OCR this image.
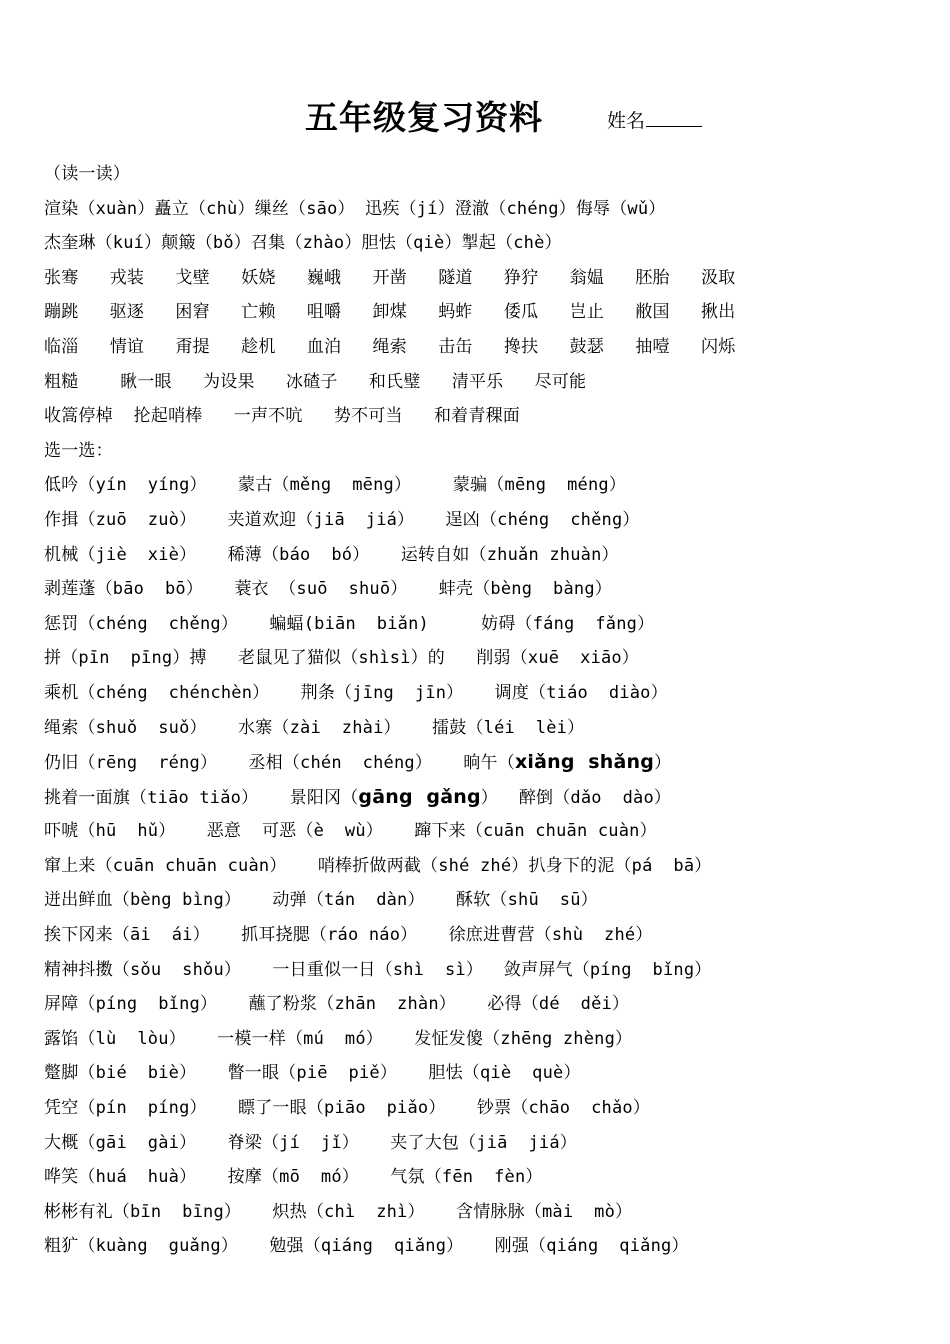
五年级复习资料	姓名
（读一读）
渲染（xuàn）矗立（chù）缫丝（sāo） 迅疾（jí）澄澈（chéng）侮辱（wǔ）
杰奎琳（kuí）颠簸（bǒ）召集（zhào）胆怯（qiè）掣起（chè）
张骞   戎装   戈壁   妖娆   巍峨   开凿   隧道   狰狞   翁媪   胚胎   汲取
蹦跳   驱逐   困窘   亡赖   咀嚼   卸煤   蚂蚱   倭瓜   岂止   敝国   揪出
临淄   情谊   甭提   趁机   血泊   绳索   击缶   搀扶   鼓瑟   抽噎   闪烁
粗糙    瞅一眼   为设果   冰碴子   和氏璧   清平乐   尽可能
收篙停棹  抡起哨棒   一声不吭   势不可当   和着青稞面
选一选：
低吟（yín  yíng）   蒙古（měng  mēng）    蒙骗（mēng  méng）
作揖（zuō  zuò）   夹道欢迎（jiā  jiá）   逞凶（chéng  chěng）
机械（jiè  xiè）   稀薄（báo  bó）   运转自如（zhuǎn zhuàn）
剥莲蓬（bāo  bō）   蓑衣 （suō  shuō）   蚌壳（bèng  bàng）
惩罚（chéng  chěng）   蝙蝠(biān  biǎn)     妨碍（fáng  fǎng）
拼（pīn  pīng）搏   老鼠见了猫似（shìsì）的   削弱（xuē  xiāo）
乘机（chéng  chénchèn）   荆条（jīng  jīn）   调度（tiáo  diào）
绳索（shuǒ  suǒ）   水寨（zài  zhài）   擂鼓（léi  lèi）
仍旧（rēng  réng）   丞相（chén  chéng）   晌午（xiǎng  shǎng）
挑着一面旗（tiāo tiǎo）   景阳冈（gāng  gǎng）  醉倒（dǎo  dào）
吓唬（hū  hǔ）   恶意  可恶（è  wù）   蹿下来（cuān chuān cuàn）
窜上来（cuān chuān cuàn）   哨棒折做两截（shé zhé）扒身下的泥（pá  bā）
迸出鲜血（bèng bìng）   动弹（tán  dàn）   酥软（shū  sū）
挨下冈来（āi  ái）   抓耳挠腮（ráo náo）   徐庶进曹营（shù  zhé）
精神抖擞（sǒu  shǒu）   一日重似一日（shì  sì）  敛声屏气（píng  bǐng）
屏障（píng  bǐng）   蘸了粉浆（zhān  zhàn）   必得（dé  děi）
露馅（lù  lòu）   一模一样（mú  mó）   发怔发傻（zhēng zhèng）
蹩脚（bié  biè）   瞥一眼（piē  piě）   胆怯（qiè  què）
凭空（pín  píng）   瞟了一眼（piāo  piǎo）   钞票（chāo  chǎo）
大概（gāi  gài）   脊梁（jí  jǐ）   夹了大包（jiā  jiá）
哗笑（huá  huà）   按摩（mō  mó）   气氛（fēn  fèn）
彬彬有礼（bīn  bīng）   炽热（chì  zhì）   含情脉脉（mài  mò）
粗犷（kuàng  guǎng）   勉强（qiáng  qiǎng）   刚强（qiáng  qiǎng）
